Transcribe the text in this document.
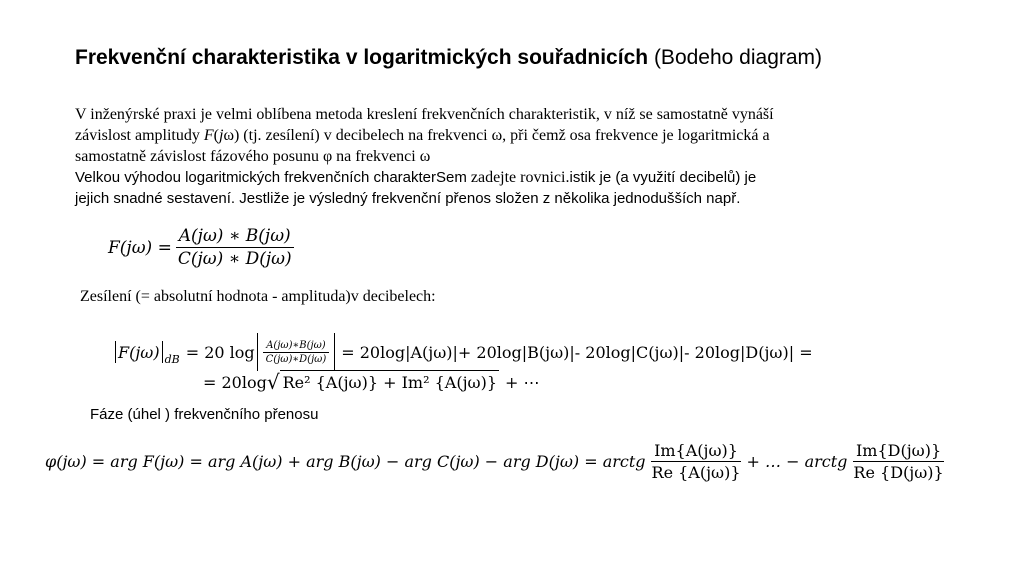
Frekvenční charakteristika v logaritmických souřadnicích (Bodeho diagram)
V inženýrské praxi je velmi oblíbena metoda kreslení frekvenčních charakteristik, v níž se samostatně vynáší
závislost amplitudy F(jω) (tj. zesílení) v decibelech na frekvenci ω, při čemž osa frekvence je logaritmická a
samostatně závislost fázového posunu φ na frekvenci ω
Velkou výhodou logaritmických frekvenčních charakterSem zadejte rovnici.istik je (a využití decibelů) je
jejich snadné sestavení. Jestliže je výsledný frekvenční přenos složen z několika jednodušších např.
$F(j\omega) = \frac{A(j\omega) ∗ B(j\omega)}{C(j\omega) ∗ D(j\omega)}$
Zesílení (= absolutní hodnota - amplituda)v decibelech:
F(jω) $_{dB}$ = 20 $\log \frac{A(j\omega)∗B(j\omega)}{C(j\omega)∗D(j\omega)} = 20\log|A(j\omega)|+ 20\log|B(j\omega)|-$ 20log|C(jω)|- 20log|D(jω)| =
= 20log √ Re² {A(jω)} + Im² {A(jω)} + ⋯
Fáze (úhel ) frekvenčního přenosu
φ(jω) = arg F(jω) = arg A(jω) + arg B(jω) − arg C(jω) − arg D(jω) = arctg $\frac{Im\{A(j\omega)\}}{Re \{A(j\omega)\}}$ + … − arctg $\frac{Im\{D(j\omega)\}}{Re \{D(j\omega)\}}$
